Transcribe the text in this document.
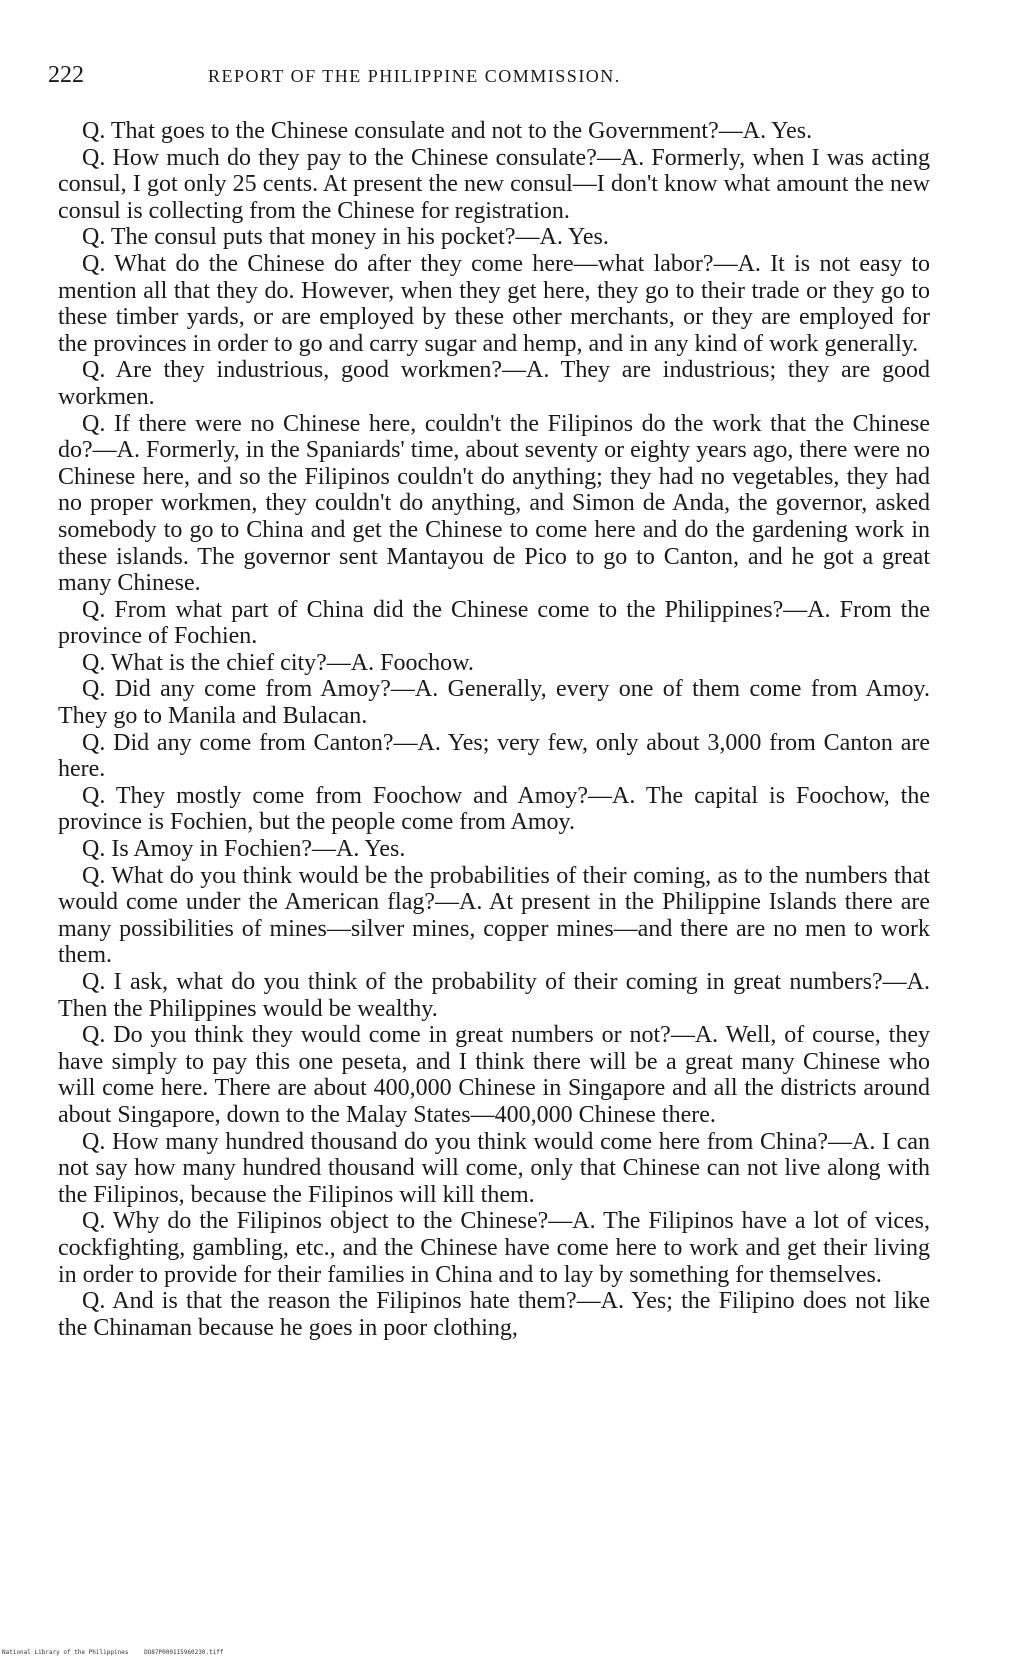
222	REPORT OF THE PHILIPPINE COMMISSION.

Q. That goes to the Chinese consulate and not to the Government?—A. Yes.

Q. How much do they pay to the Chinese consulate?—A. Formerly, when I was acting consul, I got only 25 cents. At present the new consul—I don't know what amount the new consul is collecting from the Chinese for registration.

Q. The consul puts that money in his pocket?—A. Yes.

Q. What do the Chinese do after they come here—what labor?—A. It is not easy to mention all that they do. However, when they get here, they go to their trade or they go to these timber yards, or are employed by these other merchants, or they are employed for the provinces in order to go and carry sugar and hemp, and in any kind of work generally.

Q. Are they industrious, good workmen?—A. They are industrious; they are good workmen.

Q. If there were no Chinese here, couldn't the Filipinos do the work that the Chinese do?—A. Formerly, in the Spaniards' time, about seventy or eighty years ago, there were no Chinese here, and so the Filipinos couldn't do anything; they had no vegetables, they had no proper workmen, they couldn't do anything, and Simon de Anda, the governor, asked somebody to go to China and get the Chinese to come here and do the gardening work in these islands. The governor sent Mantayou de Pico to go to Canton, and he got a great many Chinese.

Q. From what part of China did the Chinese come to the Philippines?—A. From the province of Fochien.

Q. What is the chief city?—A. Foochow.

Q. Did any come from Amoy?—A. Generally, every one of them come from Amoy. They go to Manila and Bulacan.

Q. Did any come from Canton?—A. Yes; very few, only about 3,000 from Canton are here.

Q. They mostly come from Foochow and Amoy?—A. The capital is Foochow, the province is Fochien, but the people come from Amoy.

Q. Is Amoy in Fochien?—A. Yes.

Q. What do you think would be the probabilities of their coming, as to the numbers that would come under the American flag?—A. At present in the Philippine Islands there are many possibilities of mines—silver mines, copper mines—and there are no men to work them.

Q. I ask, what do you think of the probability of their coming in great numbers?—A. Then the Philippines would be wealthy.

Q. Do you think they would come in great numbers or not?—A. Well, of course, they have simply to pay this one peseta, and I think there will be a great many Chinese who will come here. There are about 400,000 Chinese in Singapore and all the districts around about Singapore, down to the Malay States—400,000 Chinese there.

Q. How many hundred thousand do you think would come here from China?—A. I can not say how many hundred thousand will come, only that Chinese can not live along with the Filipinos, because the Filipinos will kill them.

Q. Why do the Filipinos object to the Chinese?—A. The Filipinos have a lot of vices, cockfighting, gambling, etc., and the Chinese have come here to work and get their living in order to provide for their families in China and to lay by something for themselves.

Q. And is that the reason the Filipinos hate them?—A. Yes; the Filipino does not like the Chinaman because he goes in poor clothing,

National Library of the Philippines	DO87P000115960230.tiff
